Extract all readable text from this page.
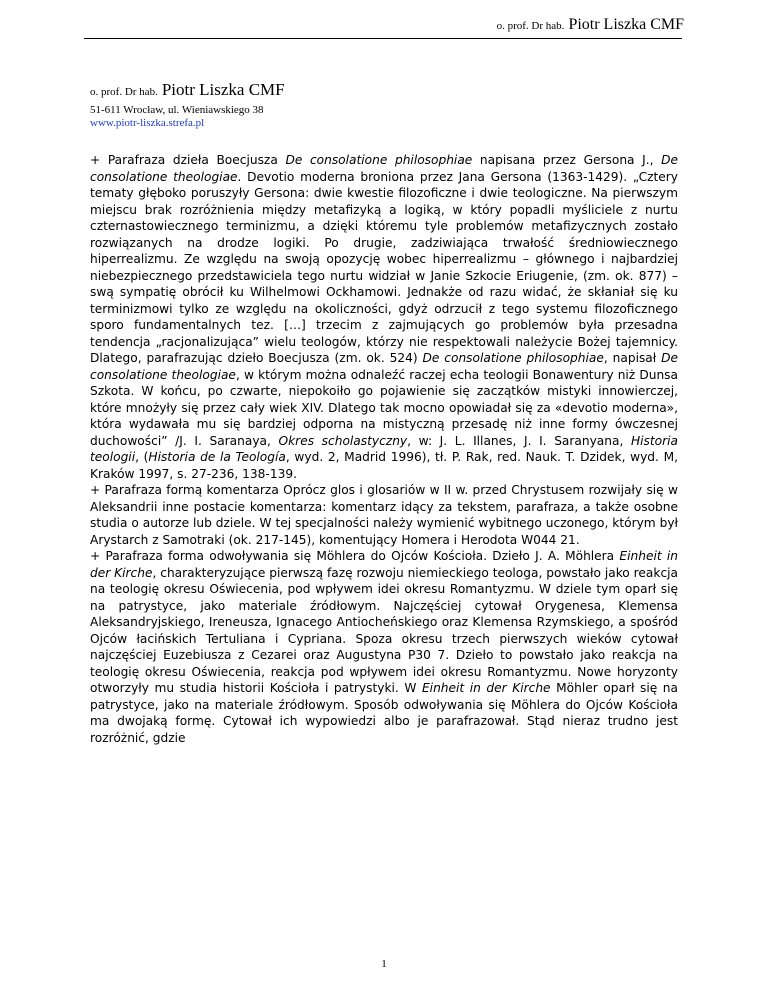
o. prof. Dr hab. Piotr Liszka CMF
o. prof. Dr hab. Piotr Liszka CMF
51-611 Wrocław, ul. Wieniawskiego 38
www.piotr-liszka.strefa.pl

+ Parafraza dzieła Boecjusza De consolatione philosophiae napisana przez Gersona J., De consolatione theologiae. Devotio moderna broniona przez Jana Gersona (1363-1429). „Cztery tematy głęboko poruszyły Gersona: dwie kwestie filozoficzne i dwie teologiczne. Na pierwszym miejscu brak rozróżnienia między metafizyką a logiką, w który popadli myśliciele z nurtu czternastowiecznego terminizmu, a dzięki któremu tyle problemów metafizycznych zostało rozwiązanych na drodze logiki. Po drugie, zadziwiająca trwałość średniowiecznego hiperrealizmu. Ze względu na swoją opozycję wobec hiperrealizmu – głównego i najbardziej niebezpiecznego przedstawiciela tego nurtu widział w Janie Szkocie Eriugenie, (zm. ok. 877) – swą sympatię obrócił ku Wilhelmowi Ockhamowi. Jednakże od razu widać, że skłaniał się ku terminizmowi tylko ze względu na okoliczności, gdyż odrzucił z tego systemu filozoficznego sporo fundamentalnych tez. […] trzecim z zajmujących go problemów była przesadna tendencja „racjonalizująca” wielu teologów, którzy nie respektowali należycie Bożej tajemnicy. Dlatego, parafrazując dzieło Boecjusza (zm. ok. 524) De consolatione philosophiae, napisał De consolatione theologiae, w którym można odnaleźć raczej echa teologii Bonawentury niż Dunsa Szkota. W końcu, po czwarte, niepokoiło go pojawienie się zaczątków mistyki innowierczej, które mnożyły się przez cały wiek XIV. Dlatego tak mocno opowiadał się za «devotio moderna», która wydawała mu się bardziej odporna na mistyczną przesadę niż inne formy ówczesnej duchowości” /J. I. Saranaya, Okres scholastyczny, w: J. L. Illanes, J. I. Saranyana, Historia teologii, (Historia de la Teología, wyd. 2, Madrid 1996), tł. P. Rak, red. Nauk. T. Dzidek, wyd. M, Kraków 1997, s. 27-236, 138-139.

+ Parafraza formą komentarza Oprócz glos i glosariów w II w. przed Chrystusem rozwijały się w Aleksandrii inne postacie komentarza: komentarz idący za tekstem, parafraza, a także osobne studia o autorze lub dziele. W tej specjalności należy wymienić wybitnego uczonego, którym był Arystarch z Samotraki (ok. 217-145), komentujący Homera i Herodota W044 21.

+ Parafraza forma odwoływania się Möhlera do Ojców Kościoła. Dzieło J. A. Möhlera Einheit in der Kirche, charakteryzujące pierwszą fazę rozwoju niemieckiego teologa, powstało jako reakcja na teologię okresu Oświecenia, pod wpływem idei okresu Romantyzmu. W dziele tym oparł się na patrystyce, jako materiale źródłowym. Najczęściej cytował Orygenesa, Klemensa Aleksandryjskiego, Ireneusza, Ignacego Antiocheńskiego oraz Klemensa Rzymskiego, a spośród Ojców łacińskich Tertuliana i Cypriana. Spoza okresu trzech pierwszych wieków cytował najczęściej Euzebiusza z Cezarei oraz Augustyna P30 7. Dzieło to powstało jako reakcja na teologię okresu Oświecenia, reakcja pod wpływem idei okresu Romantyzmu. Nowe horyzonty otworzyły mu studia historii Kościoła i patrystyki. W Einheit in der Kirche Möhler oparł się na patrystyce, jako na materiale źródłowym. Sposób odwoływania się Möhlera do Ojców Kościoła ma dwojaką formę. Cytował ich wypowiedzi albo je parafrazował. Stąd nieraz trudno jest rozróżnić, gdzie

1
